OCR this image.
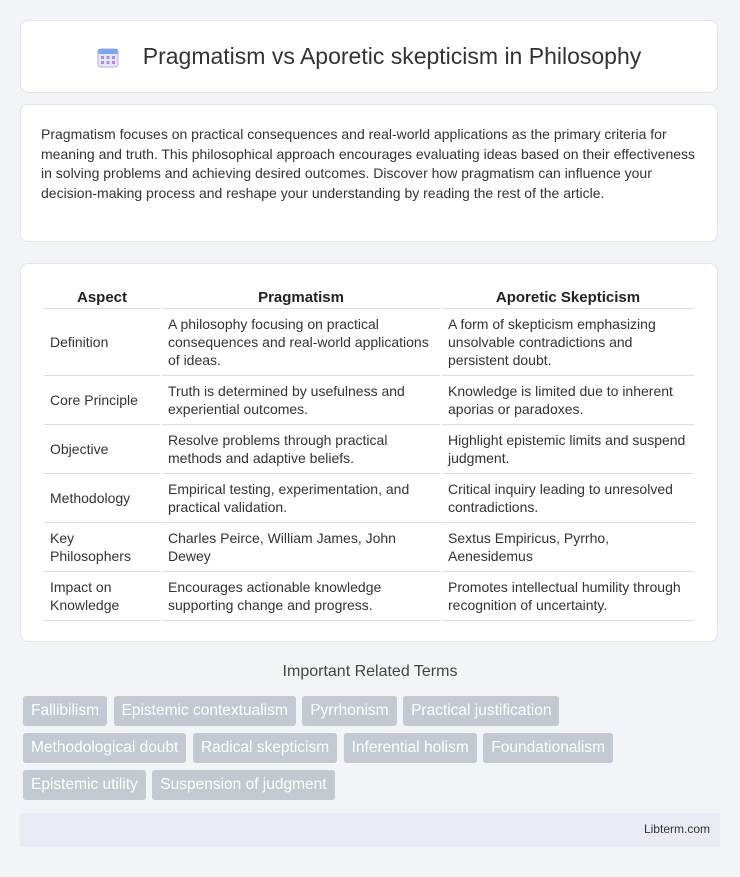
Pragmatism vs Aporetic skepticism in Philosophy

Pragmatism focuses on practical consequences and real-world applications as the primary criteria for meaning and truth. This philosophical approach encourages evaluating ideas based on their effectiveness in solving problems and achieving desired outcomes. Discover how pragmatism can influence your decision-making process and reshape your understanding by reading the rest of the article.

Aspect	Pragmatism	Aporetic Skepticism
Definition	A philosophy focusing on practical consequences and real-world applications of ideas.	A form of skepticism emphasizing unsolvable contradictions and persistent doubt.
Core Principle	Truth is determined by usefulness and experiential outcomes.	Knowledge is limited due to inherent aporias or paradoxes.
Objective	Resolve problems through practical methods and adaptive beliefs.	Highlight epistemic limits and suspend judgment.
Methodology	Empirical testing, experimentation, and practical validation.	Critical inquiry leading to unresolved contradictions.
Key Philosophers	Charles Peirce, William James, John Dewey	Sextus Empiricus, Pyrrho, Aenesidemus
Impact on Knowledge	Encourages actionable knowledge supporting change and progress.	Promotes intellectual humility through recognition of uncertainty.
Important Related Terms
Fallibilism Epistemic contextualism Pyrrhonism Practical justification Methodological doubt Radical skepticism Inferential holism Foundationalism Epistemic utility Suspension of judgment
Libterm.com
